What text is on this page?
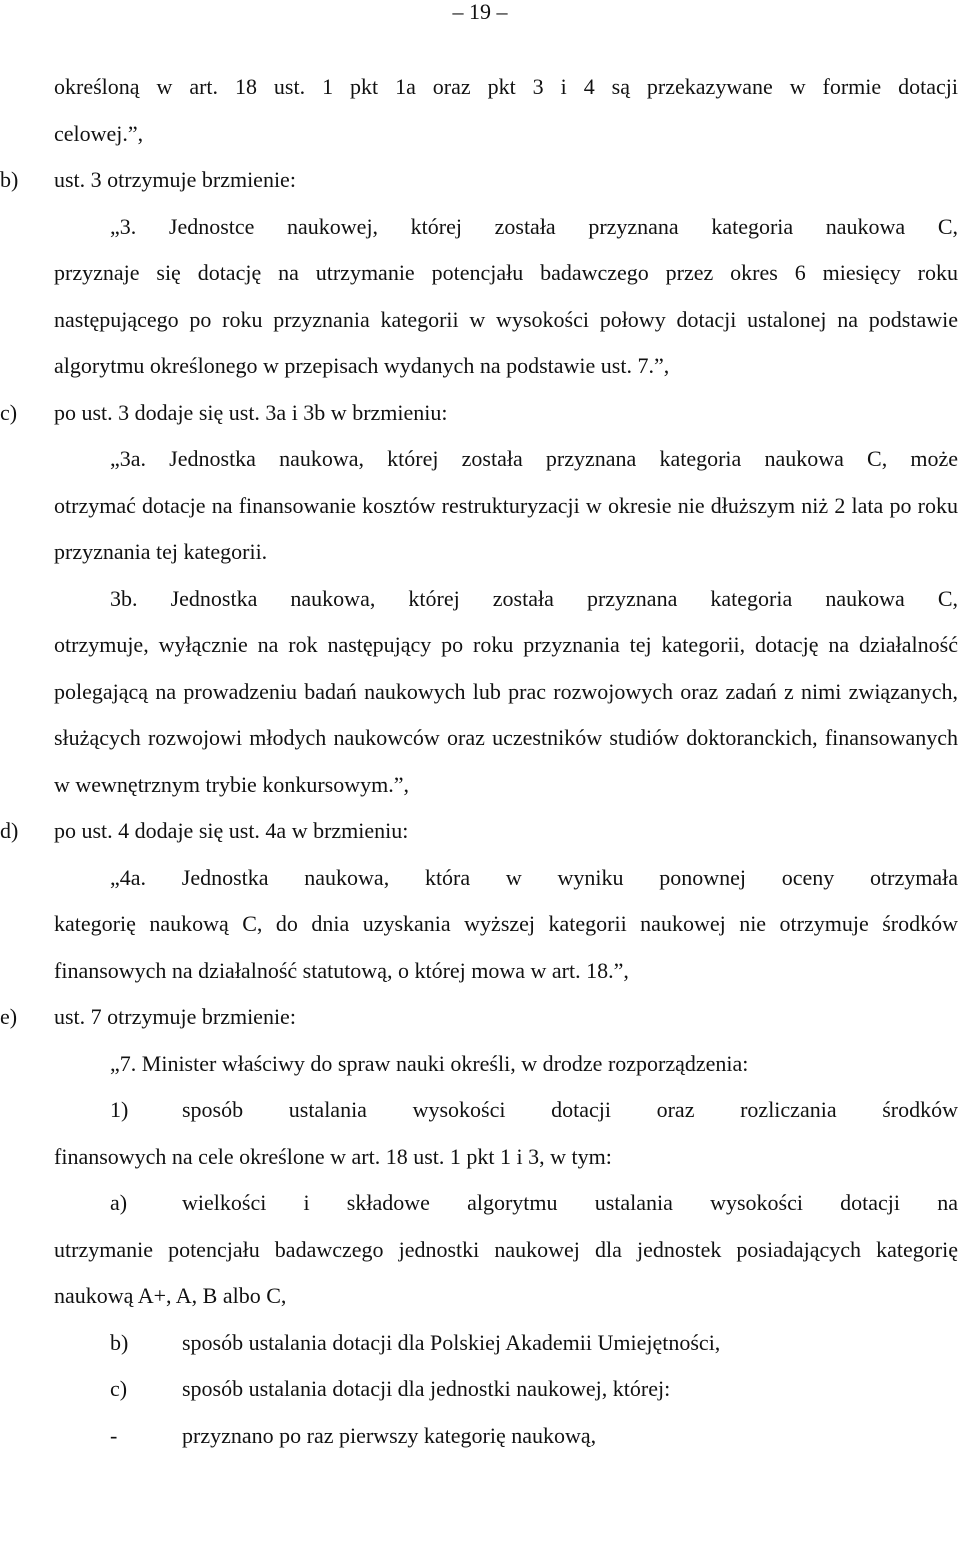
– 19 –
określoną w art. 18 ust. 1 pkt 1a oraz pkt 3 i 4 są przekazywane w formie dotacji
celowej.”,
b) ust. 3 otrzymuje brzmienie:
„3. Jednostce naukowej, której została przyznana kategoria naukowa C,
przyznaje się dotację na utrzymanie potencjału badawczego przez okres 6 miesięcy roku następującego po roku przyznania kategorii w wysokości połowy dotacji ustalonej na podstawie algorytmu określonego w przepisach wydanych na podstawie ust. 7.”,
c) po ust. 3 dodaje się ust. 3a i 3b w brzmieniu:
„3a. Jednostka naukowa, której została przyznana kategoria naukowa C, może
otrzymać dotacje na finansowanie kosztów restrukturyzacji w okresie nie dłuższym niż 2 lata po roku przyznania tej kategorii.
3b. Jednostka naukowa, której została przyznana kategoria naukowa C,
otrzymuje, wyłącznie na rok następujący po roku przyznania tej kategorii, dotację na działalność polegającą na prowadzeniu badań naukowych lub prac rozwojowych oraz zadań z nimi związanych, służących rozwojowi młodych naukowców oraz uczestników studiów doktoranckich, finansowanych w wewnętrznym trybie konkursowym.”,
d) po ust. 4 dodaje się ust. 4a w brzmieniu:
„4a. Jednostka naukowa, która w wyniku ponownej oceny otrzymała
kategorię naukową C, do dnia uzyskania wyższej kategorii naukowej nie otrzymuje środków finansowych na działalność statutową, o której mowa w art. 18.”,
e) ust. 7 otrzymuje brzmienie:
„7. Minister właściwy do spraw nauki określi, w drodze rozporządzenia:
1) sposób ustalania wysokości dotacji oraz rozliczania środków
finansowych na cele określone w art. 18 ust. 1 pkt 1 i 3, w tym:
a) wielkości i składowe algorytmu ustalania wysokości dotacji na
utrzymanie potencjału badawczego jednostki naukowej dla jednostek posiadających kategorię naukową A+, A, B albo C,
b) sposób ustalania dotacji dla Polskiej Akademii Umiejętności,
c) sposób ustalania dotacji dla jednostki naukowej, której:
-	przyznano po raz pierwszy kategorię naukową,
